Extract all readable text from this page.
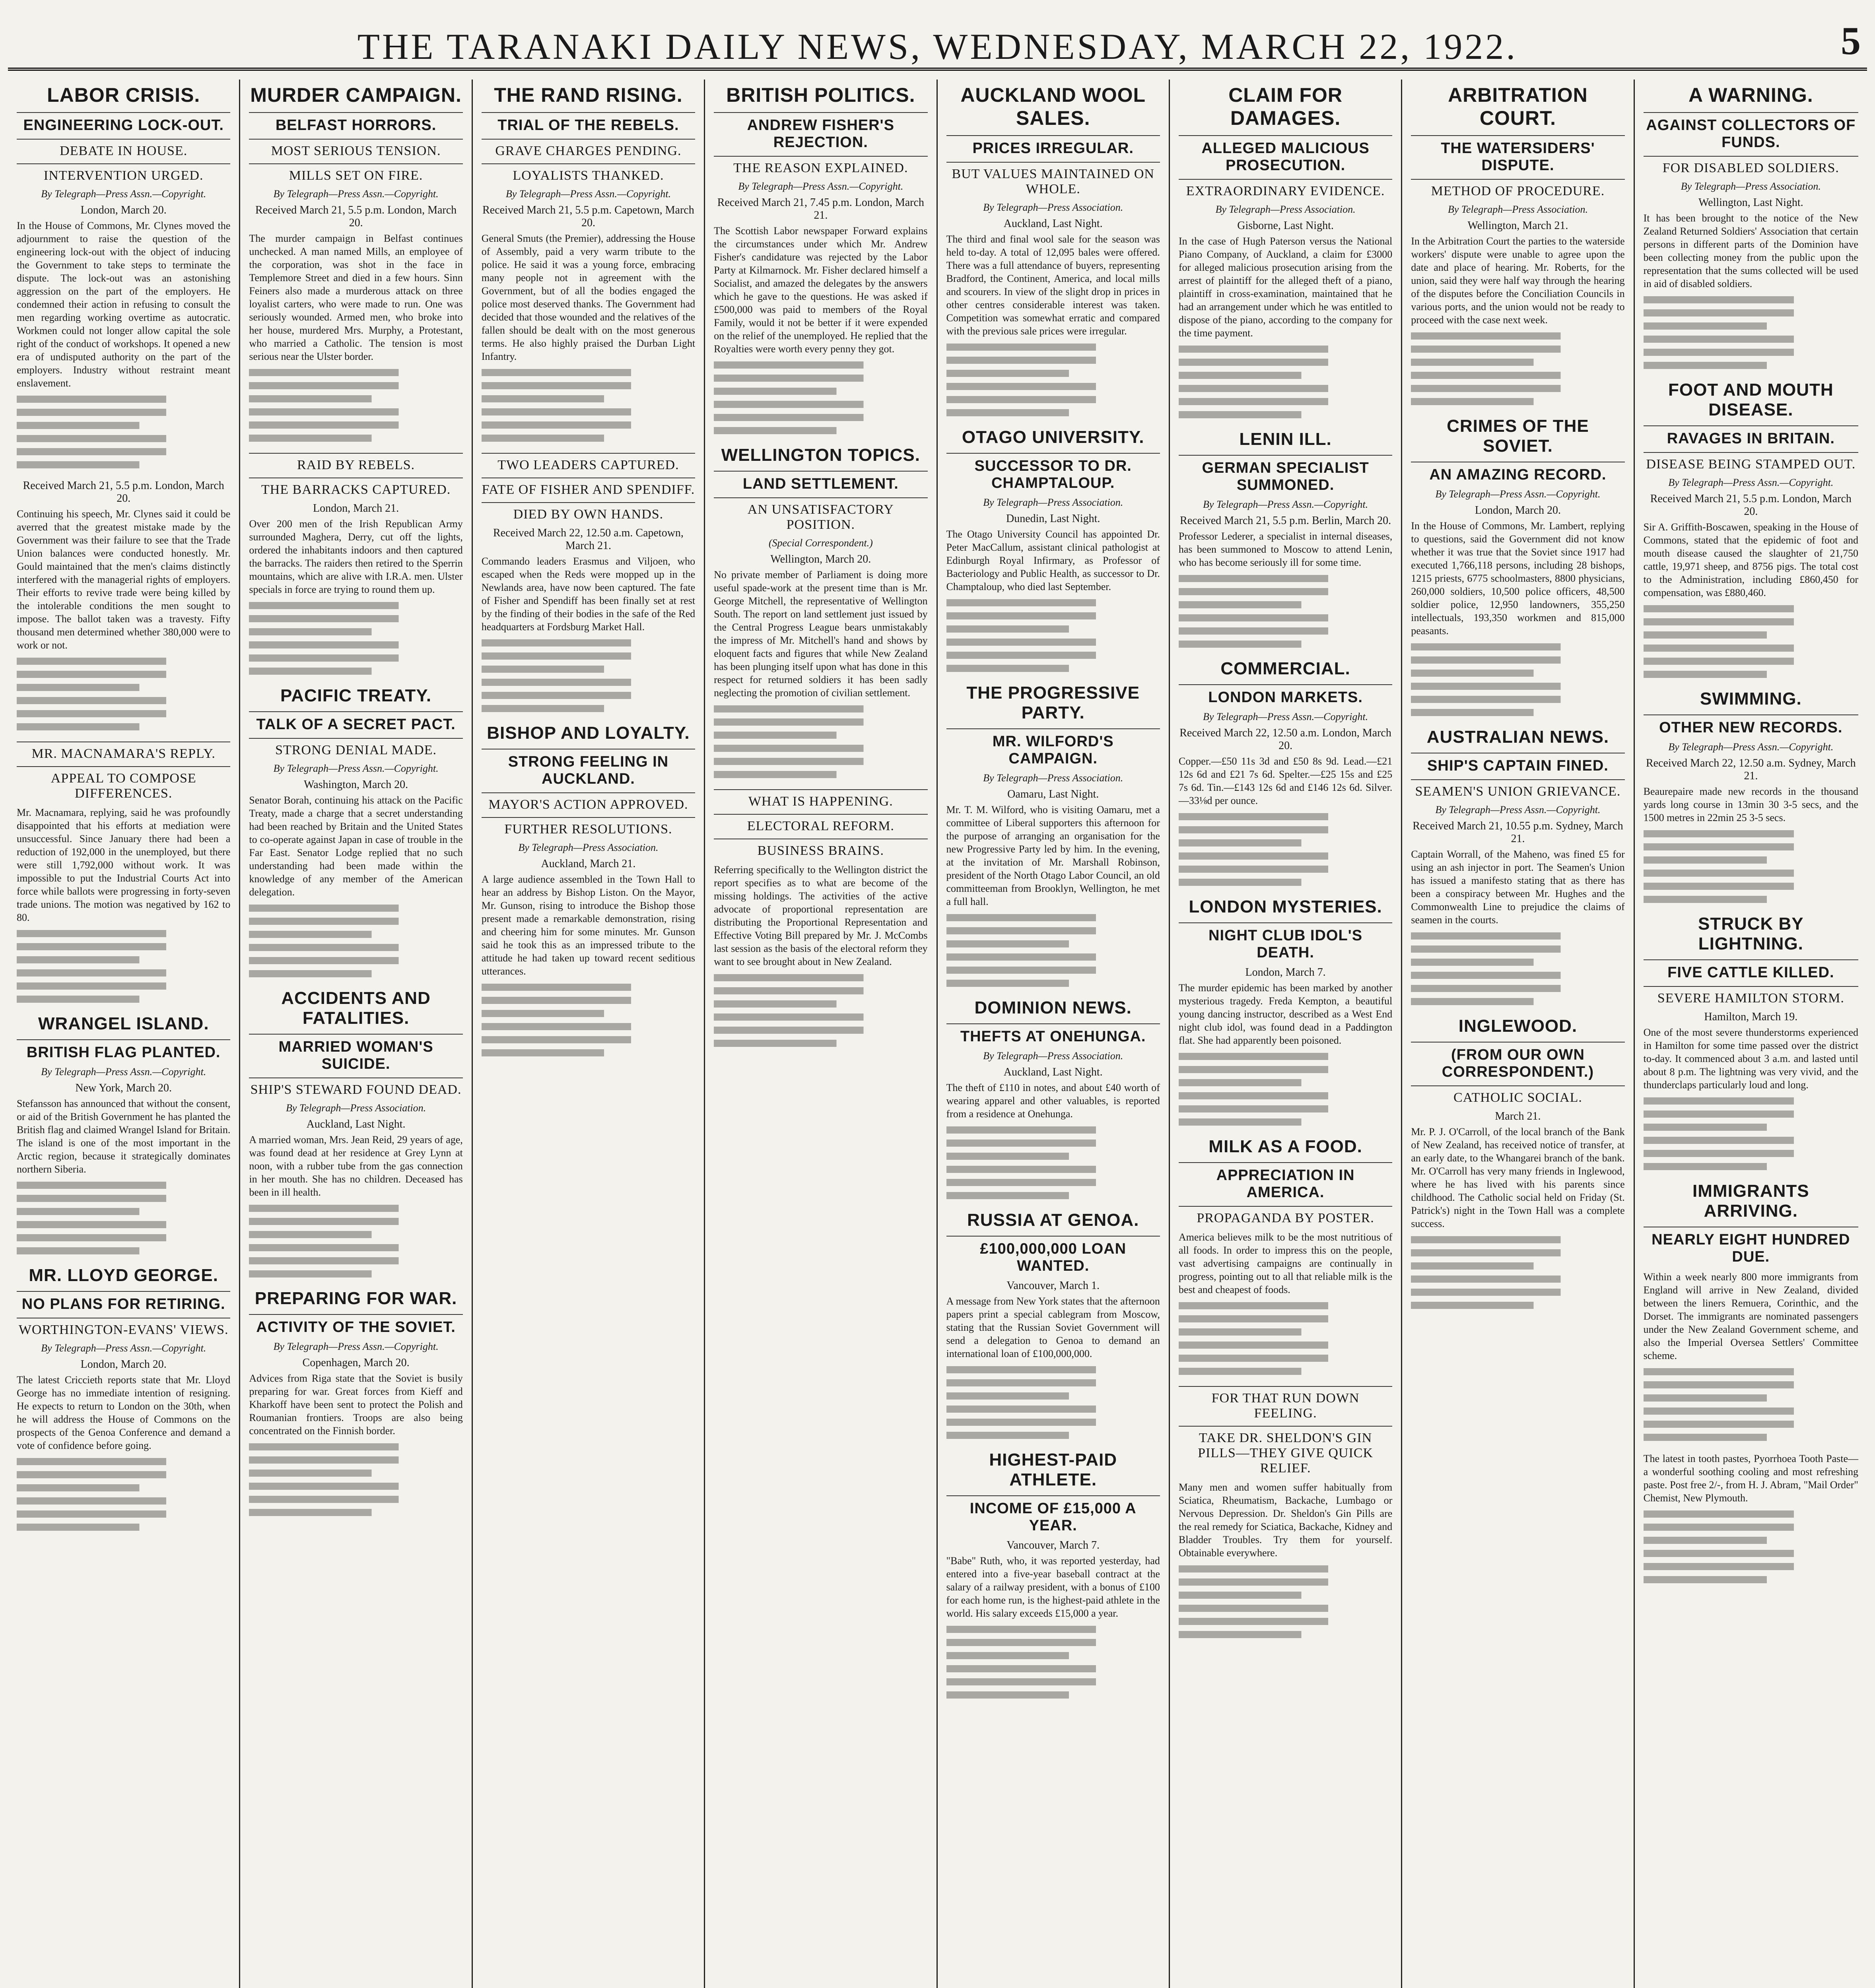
THE TARANAKI DAILY NEWS, WEDNESDAY, MARCH 22, 1922.	5
LABOR CRISIS.
ENGINEERING LOCK-OUT.
DEBATE IN HOUSE.
INTERVENTION URGED.
By Telegraph—Press Assn.—Copyright.
London, March 20.
In the House of Commons, Mr. Clynes moved the adjournment to raise the question of the engineering lock-out with the object of inducing the Government to take steps to terminate the dispute. The lock-out was an astonishing aggression on the part of the employers. He condemned their action in refusing to consult the men regarding working overtime as autocratic. Workmen could not longer allow capital the sole right of the conduct of workshops. It opened a new era of undisputed authority on the part of the employers. Industry without restraint meant enslavement.
Received March 21, 5.5 p.m. London, March 20.
Continuing his speech, Mr. Clynes said it could be averred that the greatest mistake made by the Government was their failure to see that the Trade Union balances were conducted honestly. Mr. Gould maintained that the men's claims distinctly interfered with the managerial rights of employers. Their efforts to revive trade were being killed by the intolerable conditions the men sought to impose. The ballot taken was a travesty. Fifty thousand men determined whether 380,000 were to work or not.
MR. MACNAMARA'S REPLY.
APPEAL TO COMPOSE DIFFERENCES.
Mr. Macnamara, replying, said he was profoundly disappointed that his efforts at mediation were unsuccessful. Since January there had been a reduction of 192,000 in the unemployed, but there were still 1,792,000 without work. It was impossible to put the Industrial Courts Act into force while ballots were progressing in forty-seven trade unions. The motion was negatived by 162 to 80.
WRANGEL ISLAND.
BRITISH FLAG PLANTED.
By Telegraph—Press Assn.—Copyright.
New York, March 20.
Stefansson has announced that without the consent, or aid of the British Government he has planted the British flag and claimed Wrangel Island for Britain. The island is one of the most important in the Arctic region, because it strategically dominates northern Siberia.
MR. LLOYD GEORGE.
NO PLANS FOR RETIRING.
WORTHINGTON-EVANS' VIEWS.
By Telegraph—Press Assn.—Copyright.
London, March 20.
The latest Criccieth reports state that Mr. Lloyd George has no immediate intention of resigning. He expects to return to London on the 30th, when he will address the House of Commons on the prospects of the Genoa Conference and demand a vote of confidence before going.
MURDER CAMPAIGN.
BELFAST HORRORS.
MOST SERIOUS TENSION.
MILLS SET ON FIRE.
By Telegraph—Press Assn.—Copyright.
Received March 21, 5.5 p.m. London, March 20.
The murder campaign in Belfast continues unchecked. A man named Mills, an employee of the corporation, was shot in the face in Templemore Street and died in a few hours. Sinn Feiners also made a murderous attack on three loyalist carters, who were made to run. One was seriously wounded. Armed men, who broke into her house, murdered Mrs. Murphy, a Protestant, who married a Catholic. The tension is most serious near the Ulster border.
RAID BY REBELS.
THE BARRACKS CAPTURED.
London, March 21.
Over 200 men of the Irish Republican Army surrounded Maghera, Derry, cut off the lights, ordered the inhabitants indoors and then captured the barracks. The raiders then retired to the Sperrin mountains, which are alive with I.R.A. men. Ulster specials in force are trying to round them up.
PACIFIC TREATY.
TALK OF A SECRET PACT.
STRONG DENIAL MADE.
By Telegraph—Press Assn.—Copyright.
Washington, March 20.
Senator Borah, continuing his attack on the Pacific Treaty, made a charge that a secret understanding had been reached by Britain and the United States to co-operate against Japan in case of trouble in the Far East. Senator Lodge replied that no such understanding had been made within the knowledge of any member of the American delegation.
ACCIDENTS AND FATALITIES.
MARRIED WOMAN'S SUICIDE.
SHIP'S STEWARD FOUND DEAD.
By Telegraph—Press Association.
Auckland, Last Night.
A married woman, Mrs. Jean Reid, 29 years of age, was found dead at her residence at Grey Lynn at noon, with a rubber tube from the gas connection in her mouth. She has no children. Deceased has been in ill health.
PREPARING FOR WAR.
ACTIVITY OF THE SOVIET.
By Telegraph—Press Assn.—Copyright.
Copenhagen, March 20.
Advices from Riga state that the Soviet is busily preparing for war. Great forces from Kieff and Kharkoff have been sent to protect the Polish and Roumanian frontiers. Troops are also being concentrated on the Finnish border.
THE RAND RISING.
TRIAL OF THE REBELS.
GRAVE CHARGES PENDING.
LOYALISTS THANKED.
By Telegraph—Press Assn.—Copyright.
Received March 21, 5.5 p.m. Capetown, March 20.
General Smuts (the Premier), addressing the House of Assembly, paid a very warm tribute to the police. He said it was a young force, embracing many people not in agreement with the Government, but of all the bodies engaged the police most deserved thanks. The Government had decided that those wounded and the relatives of the fallen should be dealt with on the most generous terms. He also highly praised the Durban Light Infantry.
TWO LEADERS CAPTURED.
FATE OF FISHER AND SPENDIFF.
DIED BY OWN HANDS.
Received March 22, 12.50 a.m. Capetown, March 21.
Commando leaders Erasmus and Viljoen, who escaped when the Reds were mopped up in the Newlands area, have now been captured. The fate of Fisher and Spendiff has been finally set at rest by the finding of their bodies in the safe of the Red headquarters at Fordsburg Market Hall.
BISHOP AND LOYALTY.
STRONG FEELING IN AUCKLAND.
MAYOR'S ACTION APPROVED.
FURTHER RESOLUTIONS.
By Telegraph—Press Association.
Auckland, March 21.
A large audience assembled in the Town Hall to hear an address by Bishop Liston. On the Mayor, Mr. Gunson, rising to introduce the Bishop those present made a remarkable demonstration, rising and cheering him for some minutes. Mr. Gunson said he took this as an impressed tribute to the attitude he had taken up toward recent seditious utterances.
BRITISH POLITICS.
ANDREW FISHER'S REJECTION.
THE REASON EXPLAINED.
By Telegraph—Press Assn.—Copyright.
Received March 21, 7.45 p.m. London, March 21.
The Scottish Labor newspaper Forward explains the circumstances under which Mr. Andrew Fisher's candidature was rejected by the Labor Party at Kilmarnock. Mr. Fisher declared himself a Socialist, and amazed the delegates by the answers which he gave to the questions. He was asked if £500,000 was paid to members of the Royal Family, would it not be better if it were expended on the relief of the unemployed. He replied that the Royalties were worth every penny they got.
WELLINGTON TOPICS.
LAND SETTLEMENT.
AN UNSATISFACTORY POSITION.
(Special Correspondent.)
Wellington, March 20.
No private member of Parliament is doing more useful spade-work at the present time than is Mr. George Mitchell, the representative of Wellington South. The report on land settlement just issued by the Central Progress League bears unmistakably the impress of Mr. Mitchell's hand and shows by eloquent facts and figures that while New Zealand has been plunging itself upon what has done in this respect for returned soldiers it has been sadly neglecting the promotion of civilian settlement.
WHAT IS HAPPENING.
ELECTORAL REFORM.
BUSINESS BRAINS.
Referring specifically to the Wellington district the report specifies as to what are become of the missing holdings. The activities of the active advocate of proportional representation are distributing the Proportional Representation and Effective Voting Bill prepared by Mr. J. McCombs last session as the basis of the electoral reform they want to see brought about in New Zealand.
AUCKLAND WOOL SALES.
PRICES IRREGULAR.
BUT VALUES MAINTAINED ON WHOLE.
By Telegraph—Press Association.
Auckland, Last Night.
The third and final wool sale for the season was held to-day. A total of 12,095 bales were offered. There was a full attendance of buyers, representing Bradford, the Continent, America, and local mills and scourers. In view of the slight drop in prices in other centres considerable interest was taken. Competition was somewhat erratic and compared with the previous sale prices were irregular.
OTAGO UNIVERSITY.
SUCCESSOR TO DR. CHAMPTALOUP.
By Telegraph—Press Association.
Dunedin, Last Night.
The Otago University Council has appointed Dr. Peter MacCallum, assistant clinical pathologist at Edinburgh Royal Infirmary, as Professor of Bacteriology and Public Health, as successor to Dr. Champtaloup, who died last September.
THE PROGRESSIVE PARTY.
MR. WILFORD'S CAMPAIGN.
By Telegraph—Press Association.
Oamaru, Last Night.
Mr. T. M. Wilford, who is visiting Oamaru, met a committee of Liberal supporters this afternoon for the purpose of arranging an organisation for the new Progressive Party led by him. In the evening, at the invitation of Mr. Marshall Robinson, president of the North Otago Labor Council, an old committeeman from Brooklyn, Wellington, he met a full hall.
DOMINION NEWS.
THEFTS AT ONEHUNGA.
By Telegraph—Press Association.
Auckland, Last Night.
The theft of £110 in notes, and about £40 worth of wearing apparel and other valuables, is reported from a residence at Onehunga.
RUSSIA AT GENOA.
£100,000,000 LOAN WANTED.
Vancouver, March 1.
A message from New York states that the afternoon papers print a special cablegram from Moscow, stating that the Russian Soviet Government will send a delegation to Genoa to demand an international loan of £100,000,000.
HIGHEST-PAID ATHLETE.
INCOME OF £15,000 A YEAR.
Vancouver, March 7.
"Babe" Ruth, who, it was reported yesterday, had entered into a five-year baseball contract at the salary of a railway president, with a bonus of £100 for each home run, is the highest-paid athlete in the world. His salary exceeds £15,000 a year.
CLAIM FOR DAMAGES.
ALLEGED MALICIOUS PROSECUTION.
EXTRAORDINARY EVIDENCE.
By Telegraph—Press Association.
Gisborne, Last Night.
In the case of Hugh Paterson versus the National Piano Company, of Auckland, a claim for £3000 for alleged malicious prosecution arising from the arrest of plaintiff for the alleged theft of a piano, plaintiff in cross-examination, maintained that he had an arrangement under which he was entitled to dispose of the piano, according to the company for the time payment.
LENIN ILL.
GERMAN SPECIALIST SUMMONED.
By Telegraph—Press Assn.—Copyright.
Received March 21, 5.5 p.m. Berlin, March 20.
Professor Lederer, a specialist in internal diseases, has been summoned to Moscow to attend Lenin, who has become seriously ill for some time.
COMMERCIAL.
LONDON MARKETS.
By Telegraph—Press Assn.—Copyright.
Received March 22, 12.50 a.m. London, March 20.
Copper.—£50 11s 3d and £50 8s 9d. Lead.—£21 12s 6d and £21 7s 6d. Spelter.—£25 15s and £25 7s 6d. Tin.—£143 12s 6d and £146 12s 6d. Silver.—33⅛d per ounce.
LONDON MYSTERIES.
NIGHT CLUB IDOL'S DEATH.
London, March 7.
The murder epidemic has been marked by another mysterious tragedy. Freda Kempton, a beautiful young dancing instructor, described as a West End night club idol, was found dead in a Paddington flat. She had apparently been poisoned.
MILK AS A FOOD.
APPRECIATION IN AMERICA.
PROPAGANDA BY POSTER.
America believes milk to be the most nutritious of all foods. In order to impress this on the people, vast advertising campaigns are continually in progress, pointing out to all that reliable milk is the best and cheapest of foods.
FOR THAT RUN DOWN FEELING.
TAKE DR. SHELDON'S GIN PILLS—THEY GIVE QUICK RELIEF.
Many men and women suffer habitually from Sciatica, Rheumatism, Backache, Lumbago or Nervous Depression. Dr. Sheldon's Gin Pills are the real remedy for Sciatica, Backache, Kidney and Bladder Troubles. Try them for yourself. Obtainable everywhere.
ARBITRATION COURT.
THE WATERSIDERS' DISPUTE.
METHOD OF PROCEDURE.
By Telegraph—Press Association.
Wellington, March 21.
In the Arbitration Court the parties to the waterside workers' dispute were unable to agree upon the date and place of hearing. Mr. Roberts, for the union, said they were half way through the hearing of the disputes before the Conciliation Councils in various ports, and the union would not be ready to proceed with the case next week.
CRIMES OF THE SOVIET.
AN AMAZING RECORD.
By Telegraph—Press Assn.—Copyright.
London, March 20.
In the House of Commons, Mr. Lambert, replying to questions, said the Government did not know whether it was true that the Soviet since 1917 had executed 1,766,118 persons, including 28 bishops, 1215 priests, 6775 schoolmasters, 8800 physicians, 260,000 soldiers, 10,500 police officers, 48,500 soldier police, 12,950 landowners, 355,250 intellectuals, 193,350 workmen and 815,000 peasants.
AUSTRALIAN NEWS.
SHIP'S CAPTAIN FINED.
SEAMEN'S UNION GRIEVANCE.
By Telegraph—Press Assn.—Copyright.
Received March 21, 10.55 p.m. Sydney, March 21.
Captain Worrall, of the Maheno, was fined £5 for using an ash injector in port. The Seamen's Union has issued a manifesto stating that as there has been a conspiracy between Mr. Hughes and the Commonwealth Line to prejudice the claims of seamen in the courts.
INGLEWOOD.
(FROM OUR OWN CORRESPONDENT.)
CATHOLIC SOCIAL.
March 21.
Mr. P. J. O'Carroll, of the local branch of the Bank of New Zealand, has received notice of transfer, at an early date, to the Whangarei branch of the bank. Mr. O'Carroll has very many friends in Inglewood, where he has lived with his parents since childhood. The Catholic social held on Friday (St. Patrick's) night in the Town Hall was a complete success.
A WARNING.
AGAINST COLLECTORS OF FUNDS.
FOR DISABLED SOLDIERS.
By Telegraph—Press Association.
Wellington, Last Night.
It has been brought to the notice of the New Zealand Returned Soldiers' Association that certain persons in different parts of the Dominion have been collecting money from the public upon the representation that the sums collected will be used in aid of disabled soldiers.
FOOT AND MOUTH DISEASE.
RAVAGES IN BRITAIN.
DISEASE BEING STAMPED OUT.
By Telegraph—Press Assn.—Copyright.
Received March 21, 5.5 p.m. London, March 20.
Sir A. Griffith-Boscawen, speaking in the House of Commons, stated that the epidemic of foot and mouth disease caused the slaughter of 21,750 cattle, 19,971 sheep, and 8756 pigs. The total cost to the Administration, including £860,450 for compensation, was £880,460.
SWIMMING.
OTHER NEW RECORDS.
By Telegraph—Press Assn.—Copyright.
Received March 22, 12.50 a.m. Sydney, March 21.
Beaurepaire made new records in the thousand yards long course in 13min 30 3-5 secs, and the 1500 metres in 22min 25 3-5 secs.
STRUCK BY LIGHTNING.
FIVE CATTLE KILLED.
SEVERE HAMILTON STORM.
Hamilton, March 19.
One of the most severe thunderstorms experienced in Hamilton for some time passed over the district to-day. It commenced about 3 a.m. and lasted until about 8 p.m. The lightning was very vivid, and the thunderclaps particularly loud and long.
IMMIGRANTS ARRIVING.
NEARLY EIGHT HUNDRED DUE.
Within a week nearly 800 more immigrants from England will arrive in New Zealand, divided between the liners Remuera, Corinthic, and the Dorset. The immigrants are nominated passengers under the New Zealand Government scheme, and also the Imperial Oversea Settlers' Committee scheme.
The latest in tooth pastes, Pyorrhoea Tooth Paste—a wonderful soothing cooling and most refreshing paste. Post free 2/-, from H. J. Abram, "Mail Order" Chemist, New Plymouth.
